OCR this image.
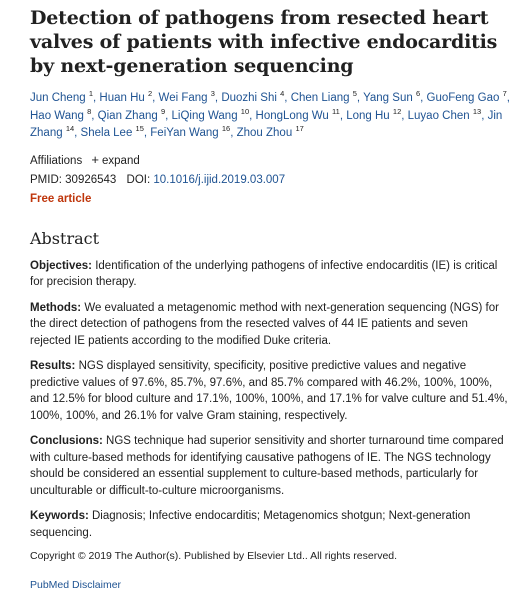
Detection of pathogens from resected heart valves of patients with infective endocarditis by next-generation sequencing
Jun Cheng $^1$, Huan Hu $^2$, Wei Fang $^3$, Duozhi Shi $^4$, Chen Liang $^5$, Yang Sun $^6$, GuoFeng Gao $^7$, Hao Wang $^8$, Qian Zhang $^9$, LiQing Wang $^{10}$, HongLong Wu $^{11}$, Long Hu $^{12}$, Luyao Chen $^{13}$, Jin Zhang $^{14}$, Shela Lee $^{15}$, FeiYan Wang $^{16}$, Zhou Zhou $^{17}$
Affiliations + expand
PMID: 30926543 DOI: 10.1016/j.ijid.2019.03.007
Free article
Abstract
Objectives: Identification of the underlying pathogens of infective endocarditis (IE) is critical for precision therapy.
Methods: We evaluated a metagenomic method with next-generation sequencing (NGS) for the direct detection of pathogens from the resected valves of 44 IE patients and seven rejected IE patients according to the modified Duke criteria.
Results: NGS displayed sensitivity, specificity, positive predictive values and negative predictive values of 97.6%, 85.7%, 97.6%, and 85.7% compared with 46.2%, 100%, 100%, and 12.5% for blood culture and 17.1%, 100%, 100%, and 17.1% for valve culture and 51.4%, 100%, 100%, and 26.1% for valve Gram staining, respectively.
Conclusions: NGS technique had superior sensitivity and shorter turnaround time compared with culture-based methods for identifying causative pathogens of IE. The NGS technology should be considered an essential supplement to culture-based methods, particularly for unculturable or difficult-to-culture microorganisms.
Keywords: Diagnosis; Infective endocarditis; Metagenomics shotgun; Next-generation sequencing.
Copyright © 2019 The Author(s). Published by Elsevier Ltd.. All rights reserved.
PubMed Disclaimer
